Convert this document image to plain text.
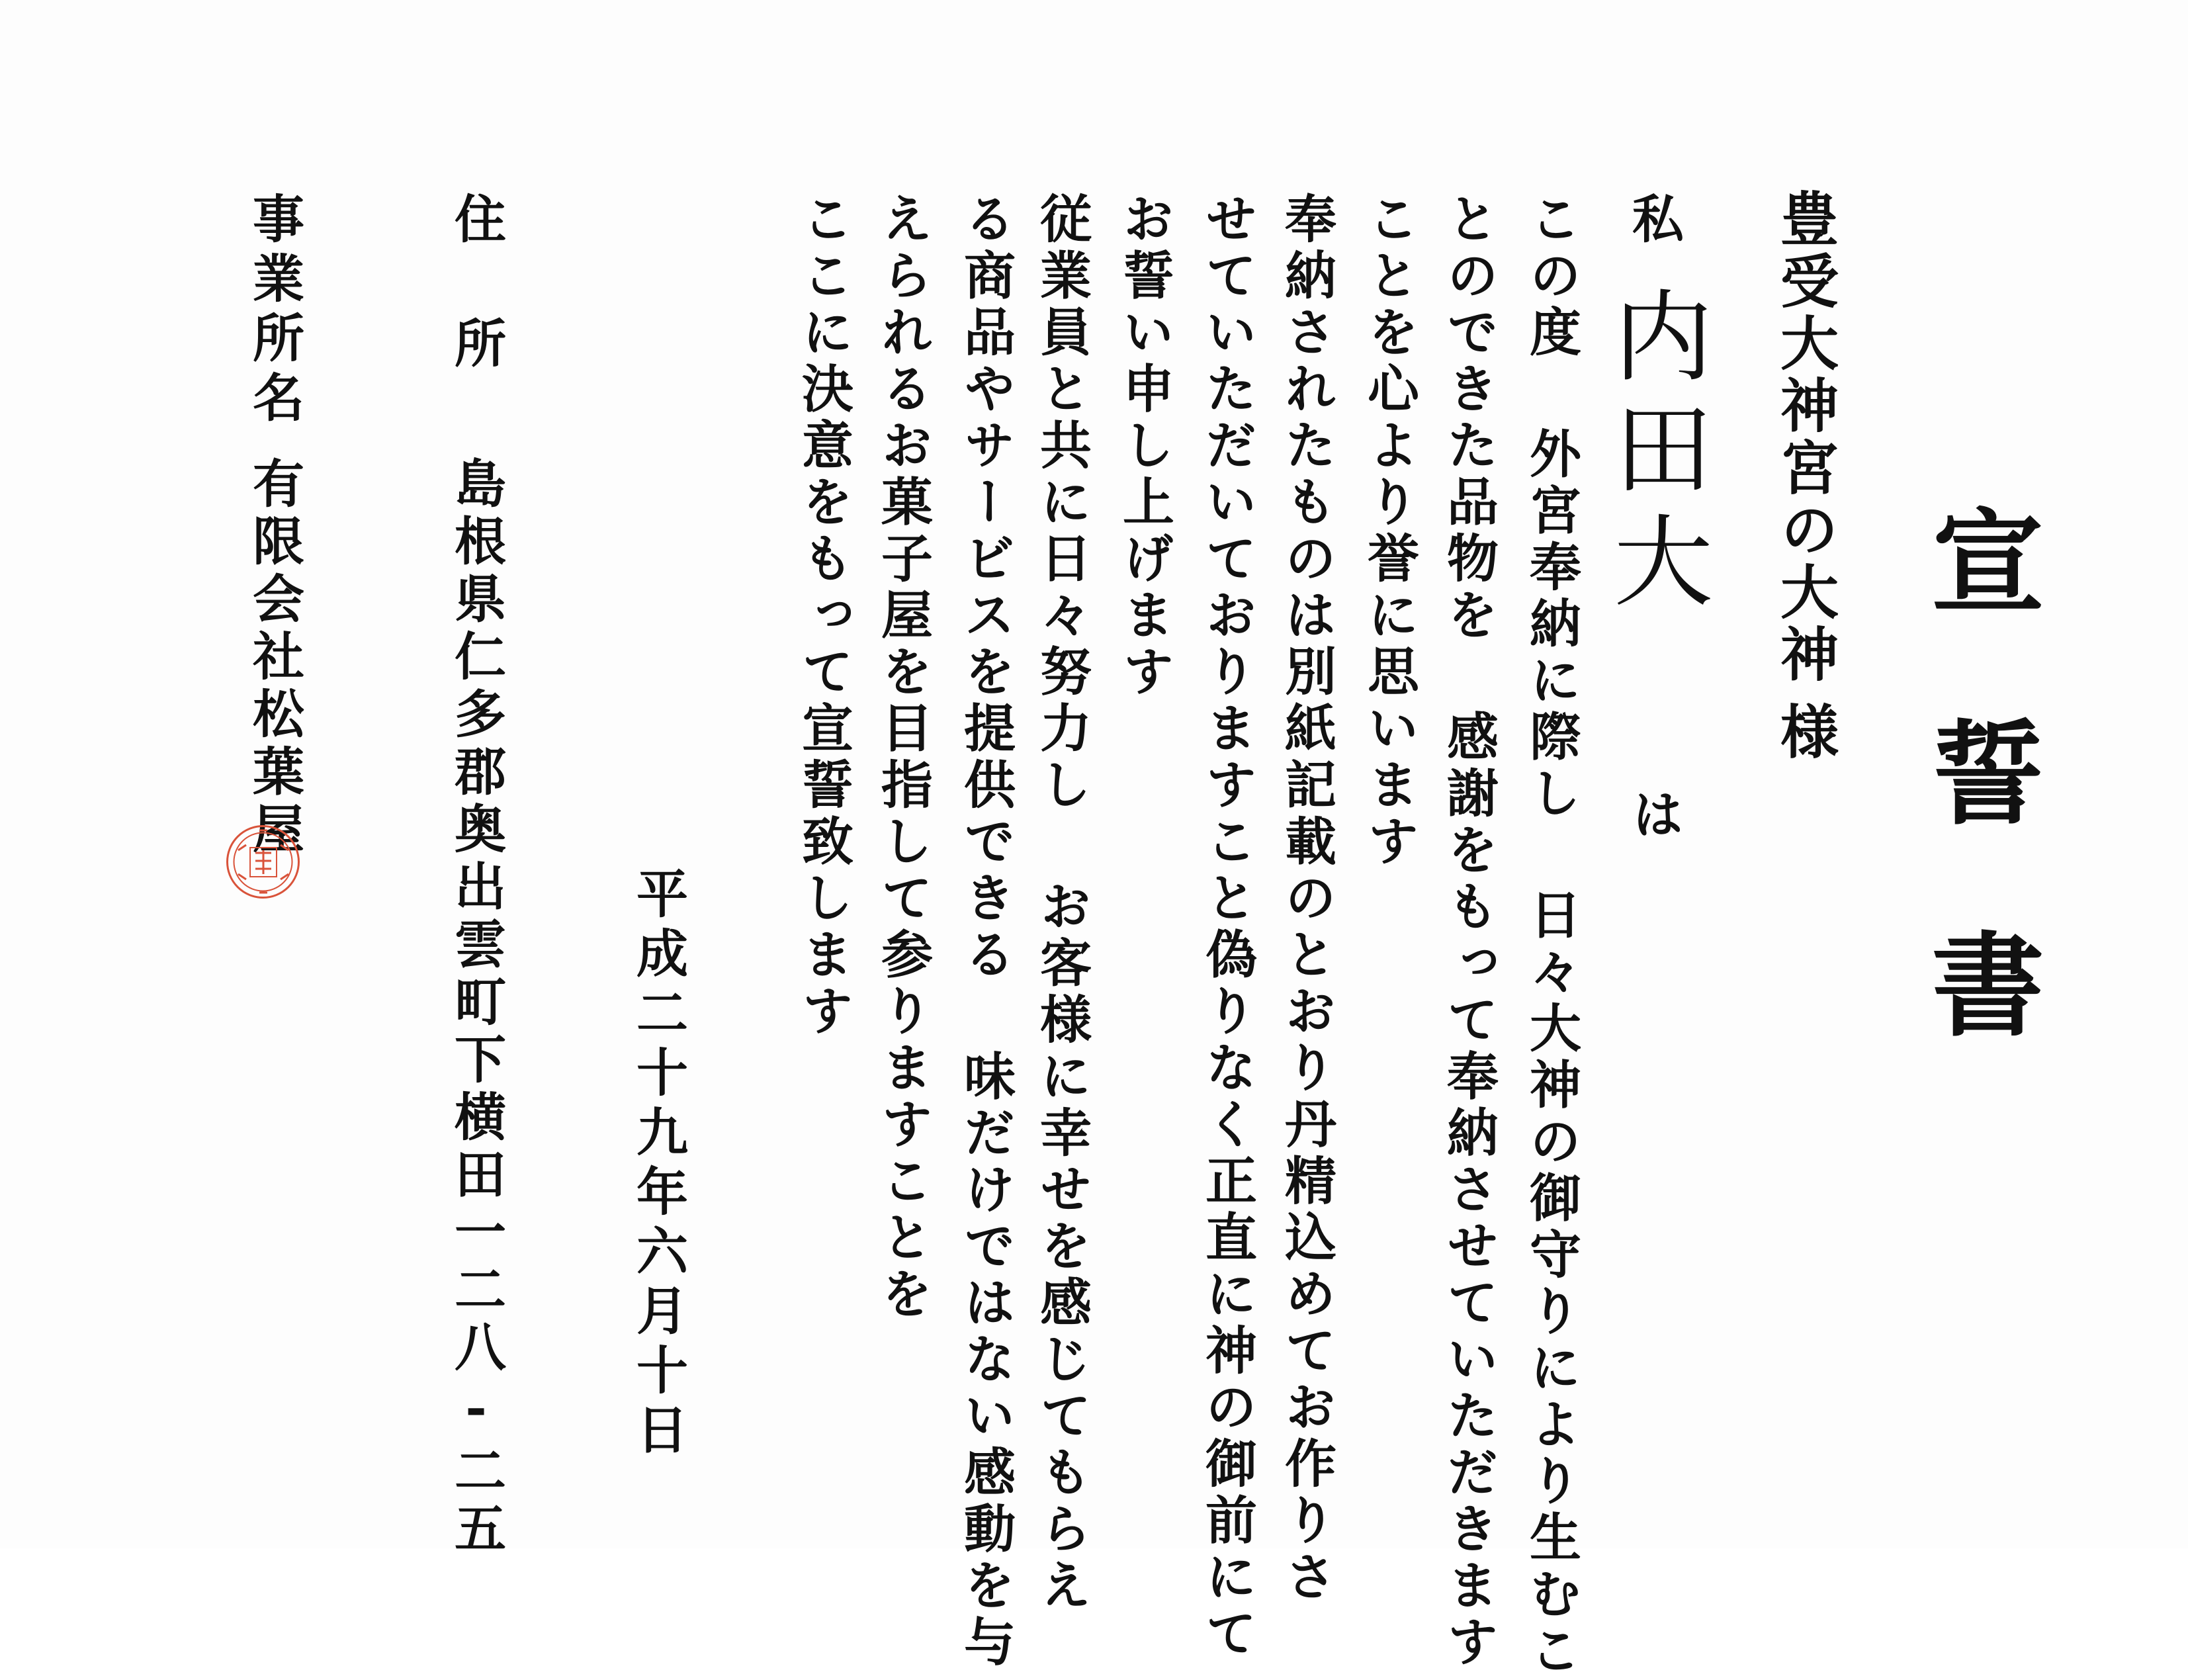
宣誓書
豊受大神宮の大神
様
私
内田大
は
この度 外宮奉納に際し 日々大神の御守りにより生むこ
とのできた品物を 感謝をもって奉納させていただきます
ことを心より誉に思います
奉納されたものは別紙記載のとおり丹精込めてお作りさ
せていただいておりますこと偽りなく正直に神の御前にて
お誓い申し上げます
従業員と共に日々努力し お客様に幸せを感じてもらえ
る商品やサービスを提供できる 味だけではない感動を与
えられるお菓子屋を目指して参りますことを
ここに決意をもって宣誓致します
平成二十九年六月十日
住所
島根県仁多郡奥出雲町下横田一二八-二五
事業所名
有限会社松葉屋
